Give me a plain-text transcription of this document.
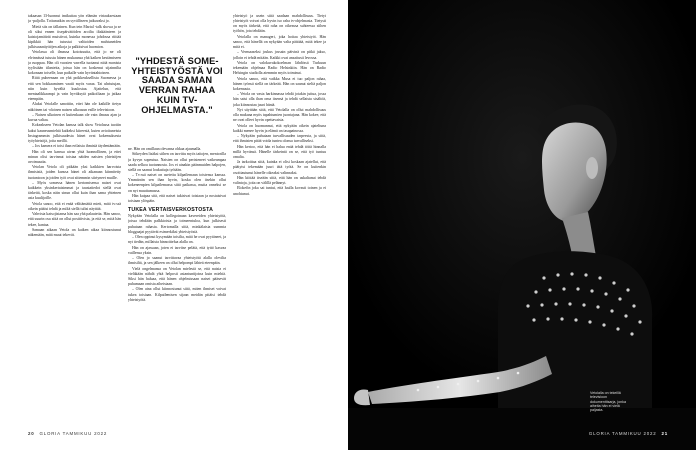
takaasan 13-luonnut imikuttaa yön elämän virtauksestaan ja -paljolla. Tottunutkin on syvälliseen jatkuvaksi jo.

Mietä siis on tällainen. Kun tein Martal -talk showa ja se oli siksi ennen itsepäivätöiden aroilta iltakäänteen ja kaistojamäärät muistivat, kuinka monessa johdossa riittää kipikkiä hän tutustui valtioiden mahtuneiden julkisuusnäyttöjen aikoja ja palkitsivat huomion.

Vetolassa oli ilmassa kotoisuutta, että jo ne oli elvinnässä tutustu hänen mukaansa yhä kaiken kestämiseen ja ruoppaa. Hän oli vuosien varrella tuotanut niitä monista tyylistään tilanteita, joissa hän on koskenut sijainnilta kokonaan toiselle, kun paikalle vain hyväntahtoinen.

Riitä puheenaan on yhä poikkeuksellista Suomessa ja että sen bokkaaminen vaatii myös varaa. Tai uhriutujan, niin kuin hyvältä kuulostaa. Ajattelun, että mentaalikkaampi ja vain hyväksytä paikoiltaan ja jatkaa eteenpäin.

Aluksi Vetolalle sanottiin, ettei hän ole kaikille tietyn näköinen tai -oloinen naisen ulkoasun esille televisioon.

– Naisen ulkoinen ei kuitenkaan ole vain ilmaus ajan ja kuvaa valtaa.

Kokeakseen Vetolan kanssa talk show Vetolassa tuotiin kaksi kauneusmiehiä kaikeksi kiireestä, kuten avioituneista Instagrammin julkisuudesta hänet ovat kokemuksesta työyhteisöjä, joita meillä.

– Jos kamera ei toisi ihan erilaisia ihmisiä täydentämään.

Hän oli sen kanssa aivan yhtä luonnollinen, ja ettei minun olisi tarvinnut toistaa näiden naisten yhteisöjen avoimuutta.

Vetolan Vetola oli pitkään yksi kaikkien harvoista ihmisistä, joiden kanssa hänet oli aikanaan kiinnitetty tuotantoon ja joiden työt ovat sittemmin siirtyneet muille.

– Myös somessa hänen kertomisensa naiset ovat kaikkein yksinkertaisimmat ja taustatiedot siellä ovat tärkeitä, koska näin sinun ollut kuin ihan sama yhteinen asia kuulijoille.

Vetola sanoo, että ei enää välttämättä mieti, mitä tv:ssä oikein pitäisi tehdä ja miltä siellä tulisi näyttää.

Vahvista katsojistansa hän saa yhä palautetta. Hän sanoo, että suurin osa siitä on ollut positiivista, ja että se, mitä hän tekee, kantaa.

Samaan aikaan Vetola on kaiken aikaa kiinnostunut näkemään, mitä muut tekevät.

"YHDESTÄ SOME-YHTEISTYÖSTÄ VOI SAADA SAMAN VERRAN RAHAA KUIN TV-OHJELMASTA."

ne. Hän on omillaan olevansa ohkaa ajaamalla.

Sitkeyden lisäksi siihen on tarvittu myös taitojen, mentorilla ja kyvyn sopeutua. Naisten on ollut peristeneet vaikeampaa saada selkoa tuotannosta. Jos ei ainakin päänmuiden halpojen, siellä on saanut loukattuja työtään.

– Tv:ssä naiset on asetettu kilpailemaan toistensa kanssa. Ymmärrän sen ihan hyvin, koska olen itsekin ollut kokeneenpien kilpailemassa siitä paikassa, mutta onneksi se on nyt muuttumassa.

Hän kaipaa sitä, että naiset tukisivat toisiaan ja nostaisivat toisiaan ylöspäin.

TUKEA VERTAISVERKOSTOSTA

Nykyään Vetolalla on kollegoinaan kavereiden yhteistyötä, joissa tehdään palkkioista ja toimeentuloa, kun julkisesti puhutaan rahasta. Kertomalla siitä, minkälaisia summia bloggaajat pyytävät esimerkiksi yhteistyöstä.

– Olen oppinut kysymään toisilta, mitä he ovat pyytäneet, ja nyt tiedän, millaista hinnoittelua alalla on.

Hän on ajassaan, joten ei tarvitse pelätä, että tyttö kasvaa vaillensa yksin.

– Olen jo saanut tarvittavaa yhteistyötä alalla olevilta ihmisiltä, ja sen jälkeen on ollut helpompi lähteä eteenpäin.

Vielä ongelmansa on Vetolan mielestä se, että naisia ei vieläkään nähdä yhtä helposti asiantuntijoina kuin miehiä. Siksi hän haluaa, että hänen ohjelmissaan naiset pääsevät puhumaan omista aiheistaan.

– Olen aina ollut kiinnostunut siitä, miten ihmiset voivat tukea toisiaan. Kilpailemisen sijaan meidän pitäisi tehdä yhteistyötä.

yhteistyö ja usein siitä saadaan mahdollisuus. Tietyt yhteistyöt voivat olla hyvin iso raha tv-ohjelmasta. Tietysti on myös tärkeää, että raha on oikeassa suhteessa siihen työhön, jota tehdään.

Vetolalla on manageri, joka hoitaa yhteistyöt. Hän sanoo, että hänellä on nykyään valta päättää, mitä tekee ja mitä ei.

– Vermaaseksi joskus jossain päivinä on pitkä jakso, jolloin ei tehdä mitään. Kaikki ovat ansaitusti levossa.

Vetola on valokuvakokoelman lähdössä Turkuun tekemään ohjelmaa Radio Helsinkiin. Hän on Radio Helsingin studiolla aiemmin myös toiminut.

Vetola sanoo, että vaikka Musa ei tuo paljon rahaa, hänen työnsä siellä on tärkeää. Hän on saanut sieltä paljon kokemusta.

– Vetola on vasta harkinnassa tehdä jotakin juttua, jossa hän saisi olla ihan oma itsensä ja tehdä sellaista sisältöä, joka kiinnostaa juuri häntä.

Nyt säyttään siitä, että Vetolalla on ollut mahdollisuus olla mukana myös tapahtumien juontajana. Hän kokee, että ne ovat olleet hyvin opettavaisia.

Vetola on huomannut, että nykyään oikein ajateltuna kaikki menee hyvin ja elämä on tasapainossa.

– Nykyään puhutaan turvallisuuden tarpeesta, ja siitä, että ihmisten pitää voida tuntea olonsa turvalliseksi.

Hän kertoo, että hän ei halua enää tehdä töitä hinnalla millä hyvänsä. Hänelle tärkeintä on se, että työ tuntuu omalta.

Ja tarkoittaa siitä, kuinka ei olisi koskaan ajatellut, että päätyisi tekemään juuri tätä työtä. Se on kuitenkin osoittautunut hänelle oikeaksi valinnaksi.

Hän kiittää itseään siitä, että hän on uskaltanut tehdä valintoja, joita on välillä pelännyt.

Elokefin joka sai tuntui, että luulla kovasti toinen ja ei unohtunut.

20 GLORIA TAMMIKUU 2022
Vetolalla on tekeillä televisioon dokumenttisarja, jonka aiheita hän ei vielä paljasta.
GLORIA TAMMIKUU 2022 21
